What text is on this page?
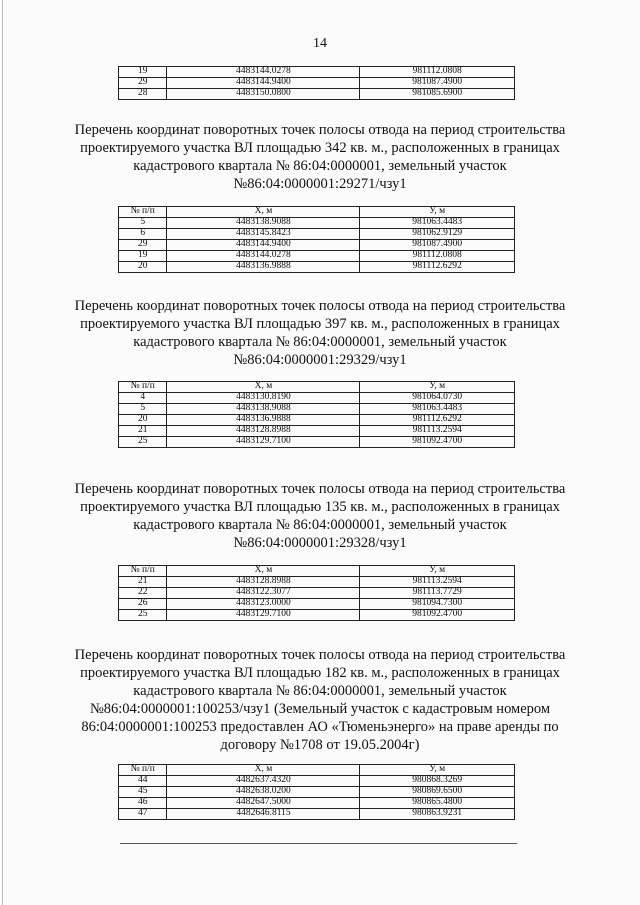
14
19	4483144.0278	981112.0808
29	4483144.9400	981087.4900
28	4483150.0800	981085.6900
Перечень координат поворотных точек полосы отвода на период строительства
проектируемого участка ВЛ площадью 342 кв. м., расположенных в границах
кадастрового квартала № 86:04:0000001, земельный участок
№86:04:0000001:29271/чзу1
№ п/п	X, м	У, м
5	4483138.9088	981063.4483
6	4483145.8423	981062.9129
29	4483144.9400	981087.4900
19	4483144.0278	981112.0808
20	4483136.9888	981112.6292
Перечень координат поворотных точек полосы отвода на период строительства
проектируемого участка ВЛ площадью 397 кв. м., расположенных в границах
кадастрового квартала № 86:04:0000001, земельный участок
№86:04:0000001:29329/чзу1
№ п/п	X, м	У, м
4	4483130.8190	981064.0730
5	4483138.9088	981063.4483
20	4483136.9888	981112.6292
21	4483128.8988	981113.2594
25	4483129.7100	981092.4700
Перечень координат поворотных точек полосы отвода на период строительства
проектируемого участка ВЛ площадью 135 кв. м., расположенных в границах
кадастрового квартала № 86:04:0000001, земельный участок
№86:04:0000001:29328/чзу1
№ п/п	X, м	У, м
21	4483128.8988	981113.2594
22	4483122.3077	981113.7729
26	4483123.0000	981094.7300
25	4483129.7100	981092.4700
Перечень координат поворотных точек полосы отвода на период строительства
проектируемого участка ВЛ площадью 182 кв. м., расположенных в границах
кадастрового квартала № 86:04:0000001, земельный участок
№86:04:0000001:100253/чзу1 (Земельный участок с кадастровым номером
86:04:0000001:100253 предоставлен АО «Тюменьэнерго» на праве аренды по
договору №1708 от 19.05.2004г)
№ п/п	X, м	У, м
44	4482637.4320	980868.3269
45	4482638.0200	980869.6500
46	4482647.5000	980865.4800
47	4482646.8115	980863.9231
